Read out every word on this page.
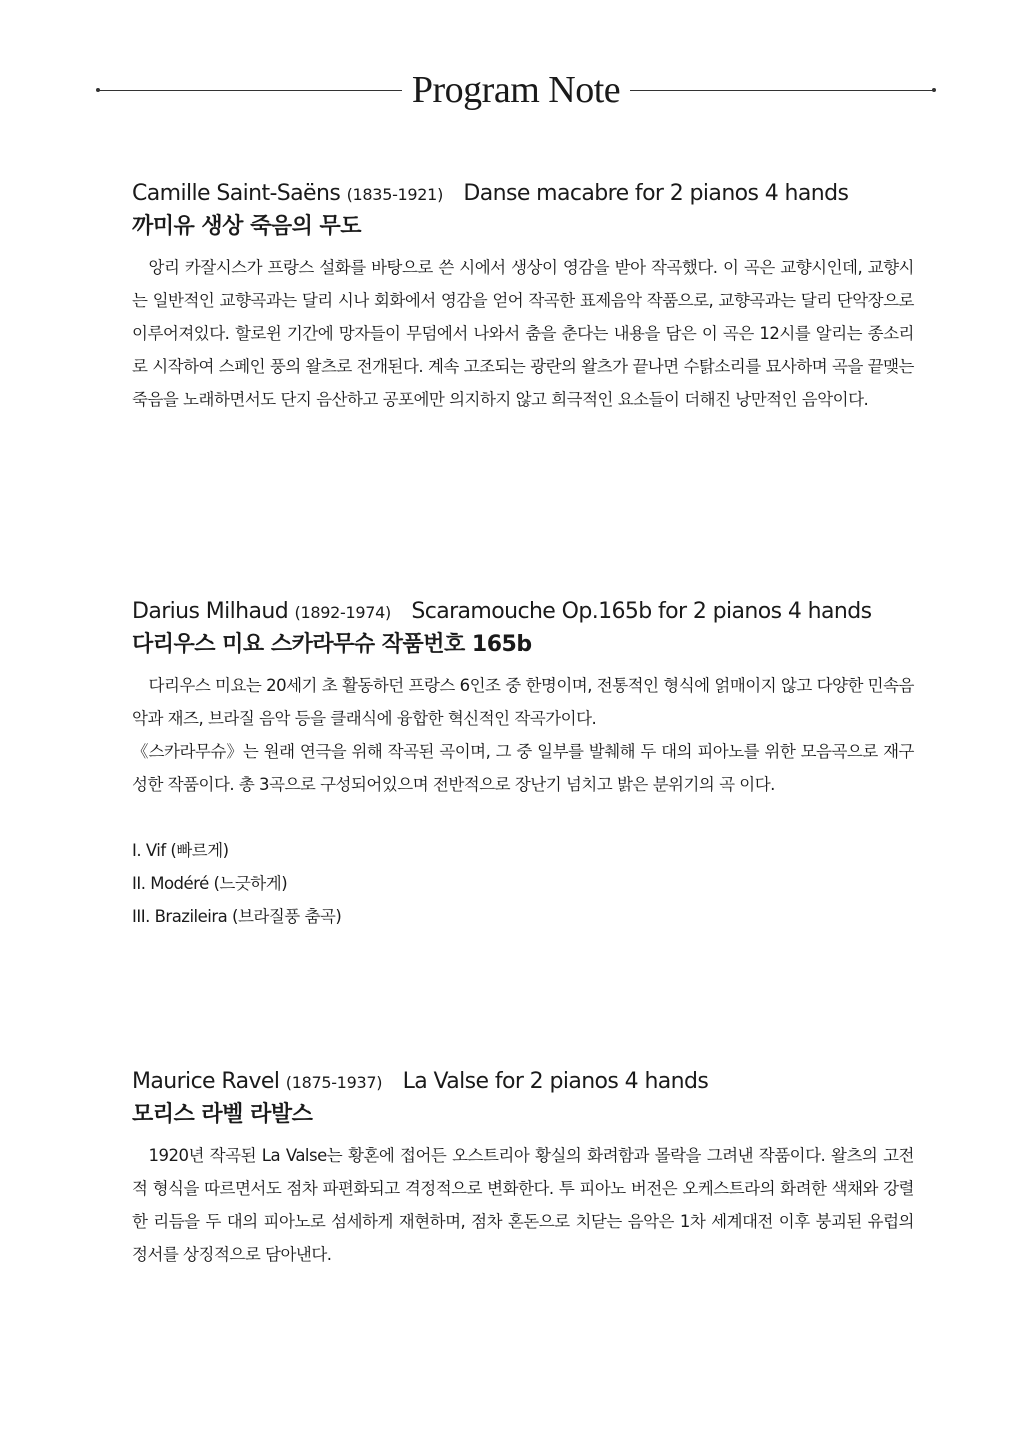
Program Note
Camille Saint-Saëns (1835-1921) Danse macabre for 2 pianos 4 hands
까미유 생상 죽음의 무도

앙리 카잘시스가 프랑스 설화를 바탕으로 쓴 시에서 생상이 영감을 받아 작곡했다. 이 곡은 교향시인데, 교향시는 일반적인 교향곡과는 달리 시나 회화에서 영감을 얻어 작곡한 표제음악 작품으로, 교향곡과는 달리 단악장으로 이루어져있다. 할로윈 기간에 망자들이 무덤에서 나와서 춤을 춘다는 내용을 담은 이 곡은 12시를 알리는 종소리로 시작하여 스페인 풍의 왈츠로 전개된다. 계속 고조되는 광란의 왈츠가 끝나면 수탉소리를 묘사하며 곡을 끝맺는 죽음을 노래하면서도 단지 음산하고 공포에만 의지하지 않고 희극적인 요소들이 더해진 낭만적인 음악이다.

Darius Milhaud (1892-1974) Scaramouche Op.165b for 2 pianos 4 hands
다리우스 미요 스카라무슈 작품번호 165b

다리우스 미요는 20세기 초 활동하던 프랑스 6인조 중 한명이며, 전통적인 형식에 얽매이지 않고 다양한 민속음악과 재즈, 브라질 음악 등을 클래식에 융합한 혁신적인 작곡가이다.

《스카라무슈》는 원래 연극을 위해 작곡된 곡이며, 그 중 일부를 발췌해 두 대의 피아노를 위한 모음곡으로 재구성한 작품이다. 총 3곡으로 구성되어있으며 전반적으로 장난기 넘치고 밝은 분위기의 곡 이다.

I. Vif (빠르게)
II. Modéré (느긋하게)
III. Brazileira (브라질풍 춤곡)
Maurice Ravel (1875-1937) La Valse for 2 pianos 4 hands
모리스 라벨 라발스

1920년 작곡된 La Valse는 황혼에 접어든 오스트리아 황실의 화려함과 몰락을 그려낸 작품이다. 왈츠의 고전적 형식을 따르면서도 점차 파편화되고 격정적으로 변화한다. 투 피아노 버전은 오케스트라의 화려한 색채와 강렬한 리듬을 두 대의 피아노로 섬세하게 재현하며, 점차 혼돈으로 치닫는 음악은 1차 세계대전 이후 붕괴된 유럽의 정서를 상징적으로 담아낸다.
